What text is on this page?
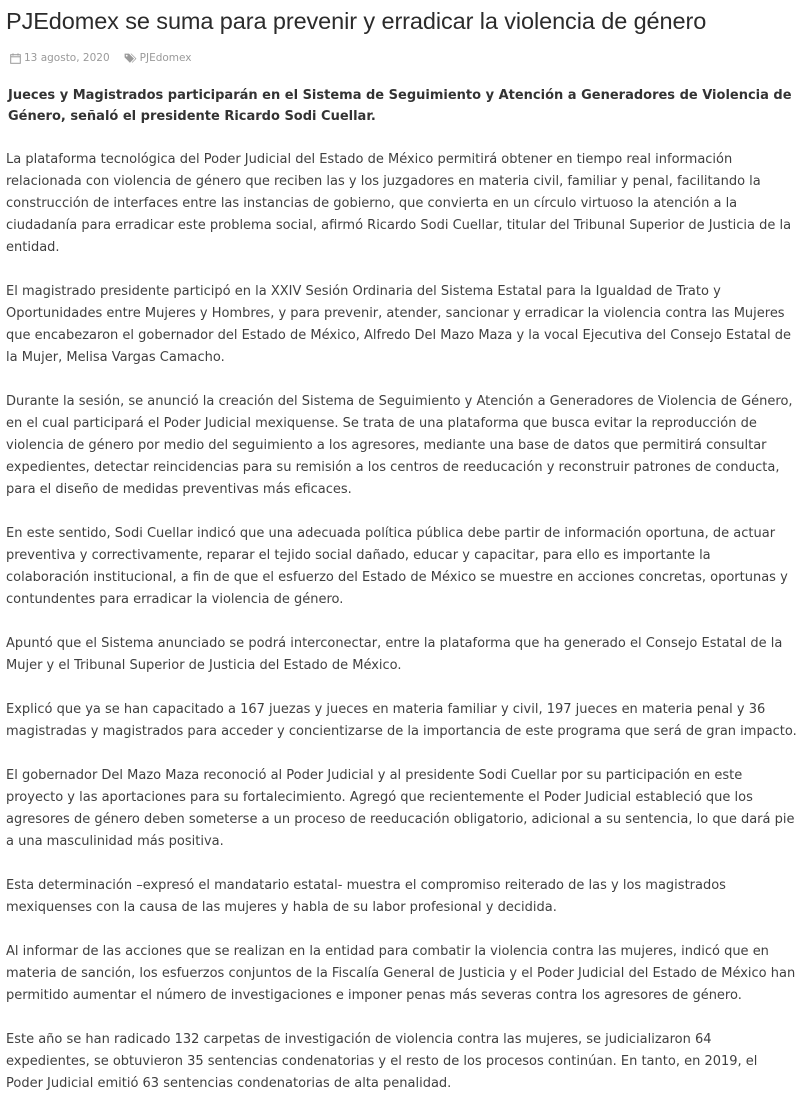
PJEdomex se suma para prevenir y erradicar la violencia de género
13 agosto, 2020	PJEdomex

Jueces y Magistrados participarán en el Sistema de Seguimiento y Atención a Generadores de Violencia de Género, señaló el presidente Ricardo Sodi Cuellar.

La plataforma tecnológica del Poder Judicial del Estado de México permitirá obtener en tiempo real información relacionada con violencia de género que reciben las y los juzgadores en materia civil, familiar y penal, facilitando la construcción de interfaces entre las instancias de gobierno, que convierta en un círculo virtuoso la atención a la ciudadanía para erradicar este problema social, afirmó Ricardo Sodi Cuellar, titular del Tribunal Superior de Justicia de la entidad.

El magistrado presidente participó en la XXIV Sesión Ordinaria del Sistema Estatal para la Igualdad de Trato y Oportunidades entre Mujeres y Hombres, y para prevenir, atender, sancionar y erradicar la violencia contra las Mujeres que encabezaron el gobernador del Estado de México, Alfredo Del Mazo Maza y la vocal Ejecutiva del Consejo Estatal de la Mujer, Melisa Vargas Camacho.

Durante la sesión, se anunció la creación del Sistema de Seguimiento y Atención a Generadores de Violencia de Género, en el cual participará el Poder Judicial mexiquense. Se trata de una plataforma que busca evitar la reproducción de violencia de género por medio del seguimiento a los agresores, mediante una base de datos que permitirá consultar expedientes, detectar reincidencias para su remisión a los centros de reeducación y reconstruir patrones de conducta, para el diseño de medidas preventivas más eficaces.

En este sentido, Sodi Cuellar indicó que una adecuada política pública debe partir de información oportuna, de actuar preventiva y correctivamente, reparar el tejido social dañado, educar y capacitar, para ello es importante la colaboración institucional, a fin de que el esfuerzo del Estado de México se muestre en acciones concretas, oportunas y contundentes para erradicar la violencia de género.

Apuntó que el Sistema anunciado se podrá interconectar, entre la plataforma que ha generado el Consejo Estatal de la Mujer y el Tribunal Superior de Justicia del Estado de México.

Explicó que ya se han capacitado a 167 juezas y jueces en materia familiar y civil, 197 jueces en materia penal y 36 magistradas y magistrados para acceder y concientizarse de la importancia de este programa que será de gran impacto.

El gobernador Del Mazo Maza reconoció al Poder Judicial y al presidente Sodi Cuellar por su participación en este proyecto y las aportaciones para su fortalecimiento. Agregó que recientemente el Poder Judicial estableció que los agresores de género deben someterse a un proceso de reeducación obligatorio, adicional a su sentencia, lo que dará pie a una masculinidad más positiva.

Esta determinación –expresó el mandatario estatal- muestra el compromiso reiterado de las y los magistrados mexiquenses con la causa de las mujeres y habla de su labor profesional y decidida.

Al informar de las acciones que se realizan en la entidad para combatir la violencia contra las mujeres, indicó que en materia de sanción, los esfuerzos conjuntos de la Fiscalía General de Justicia y el Poder Judicial del Estado de México han permitido aumentar el número de investigaciones e imponer penas más severas contra los agresores de género.

Este año se han radicado 132 carpetas de investigación de violencia contra las mujeres, se judicializaron 64 expedientes, se obtuvieron 35 sentencias condenatorias y el resto de los procesos continúan. En tanto, en 2019, el Poder Judicial emitió 63 sentencias condenatorias de alta penalidad.
